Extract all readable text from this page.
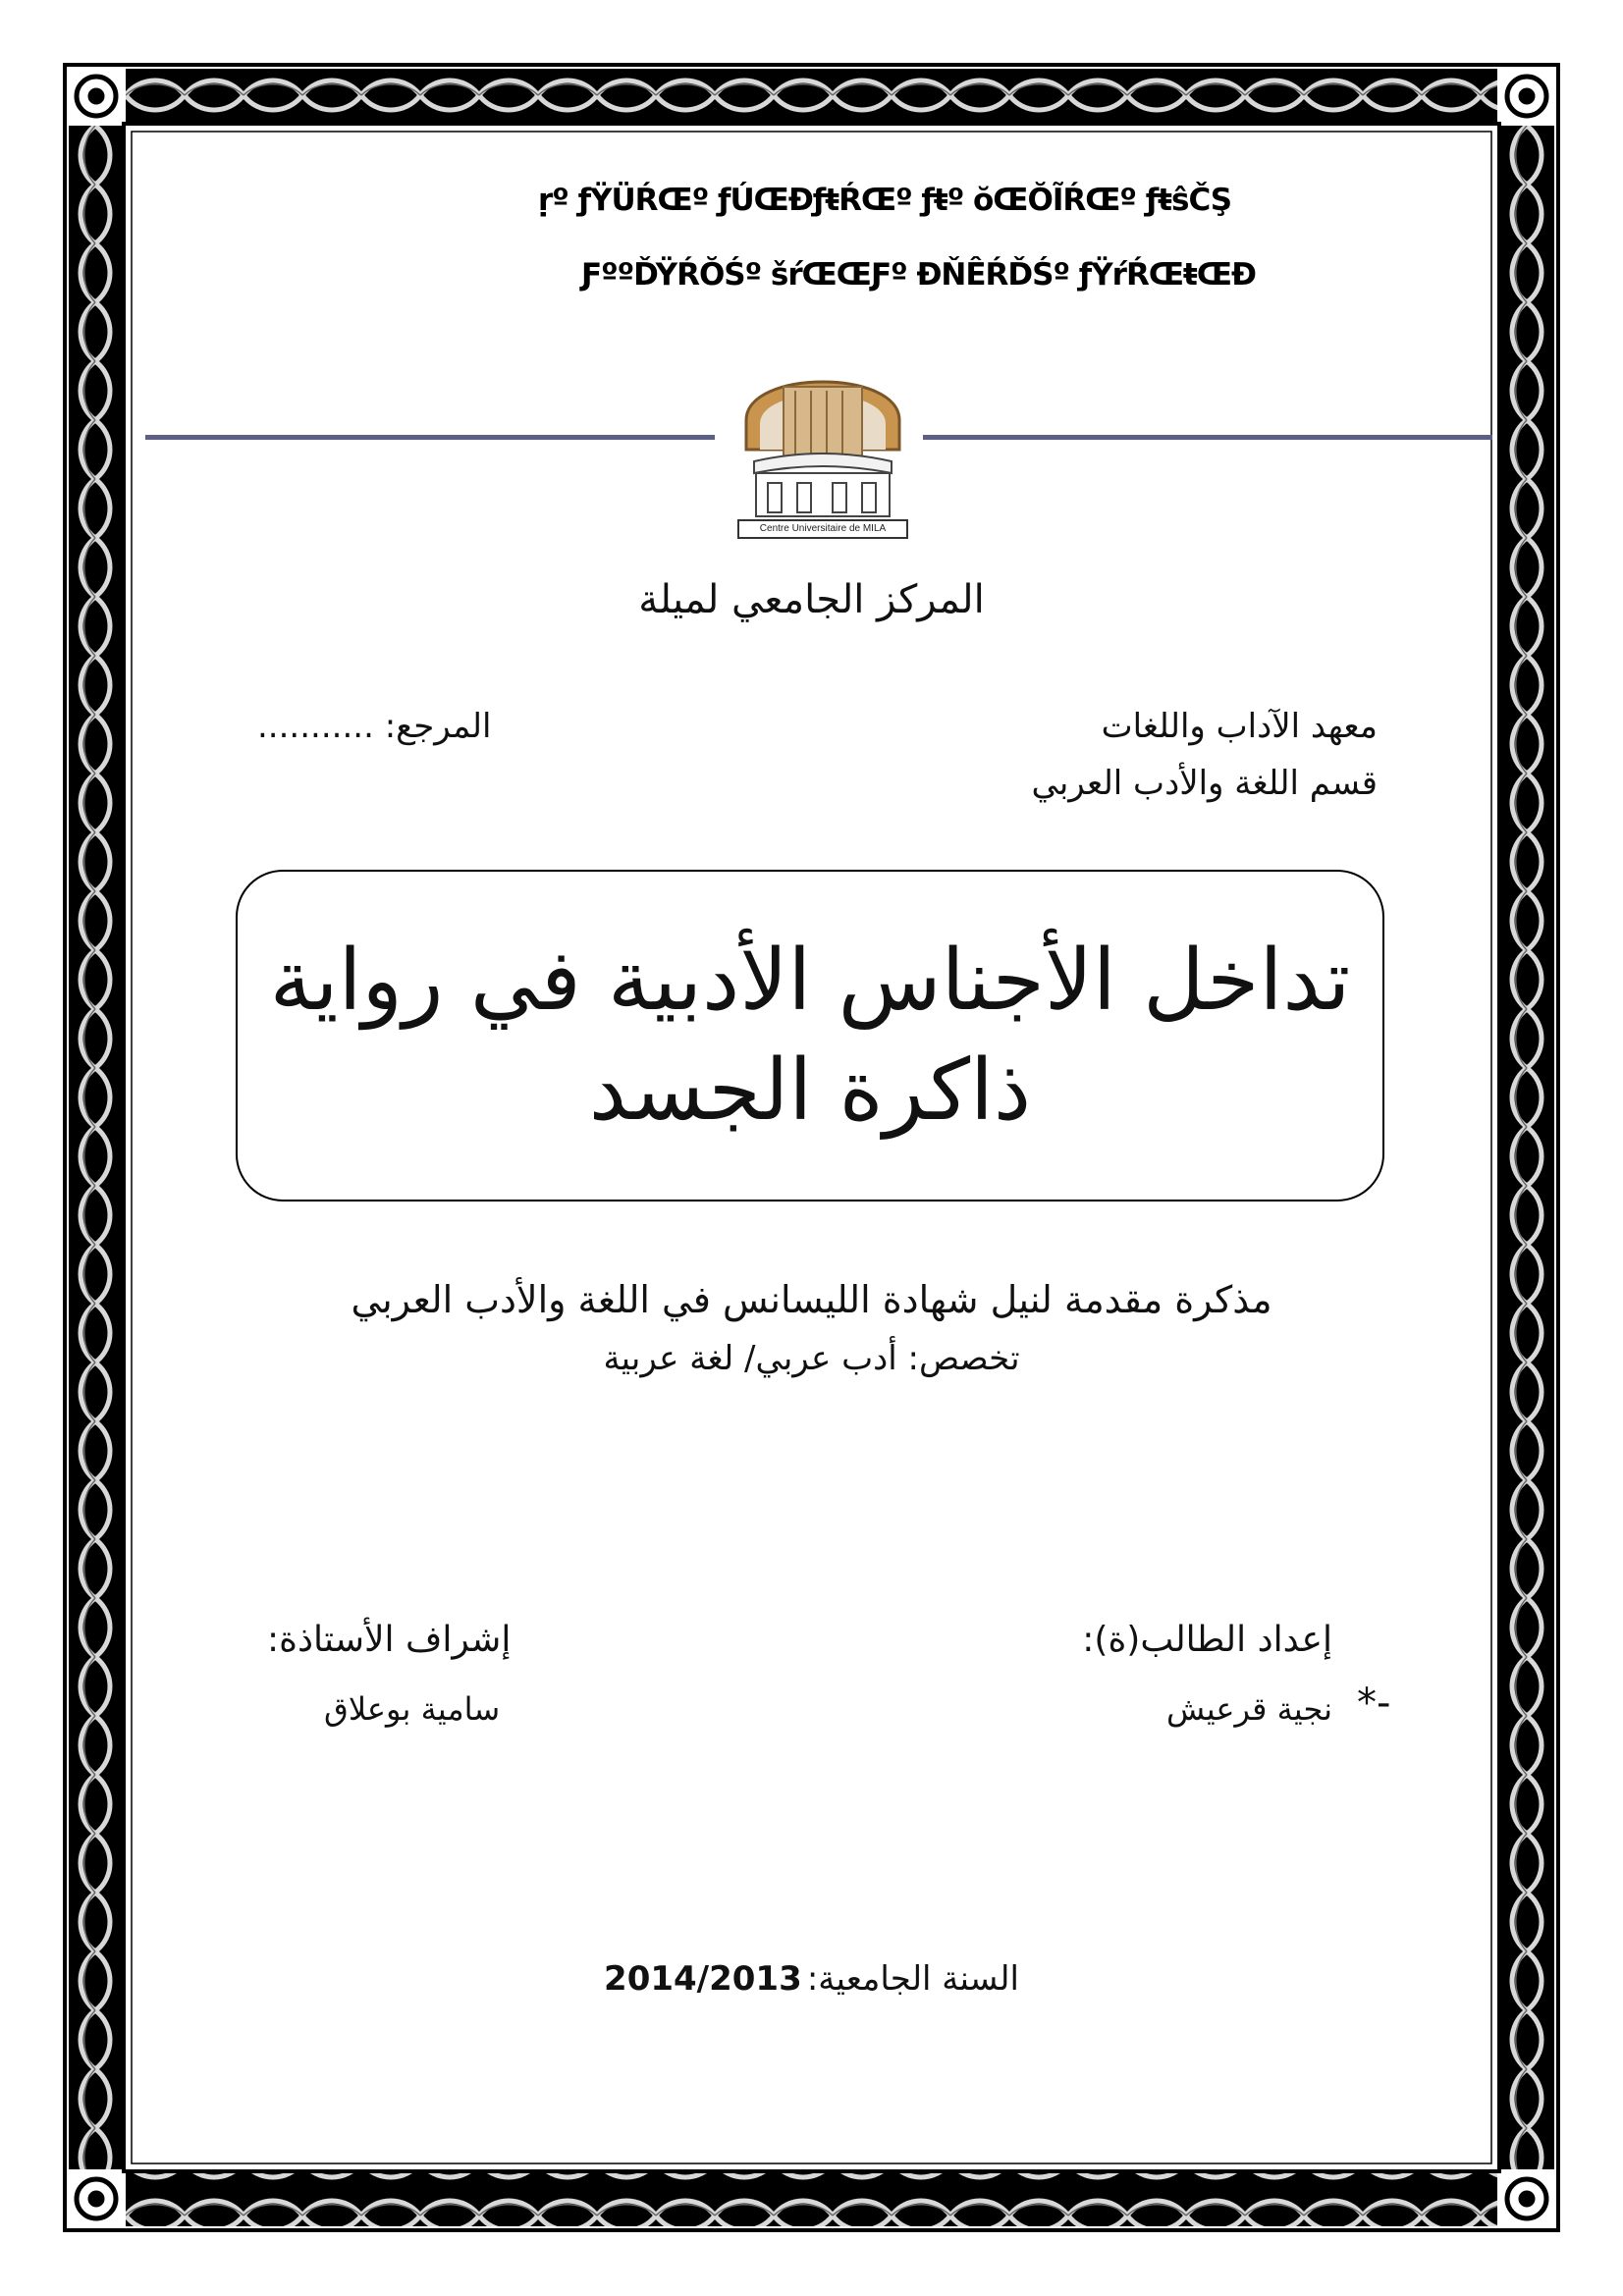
ṛº ƒŸÜŔŒº ƒÚŒĐƒŧŔŒº ƒŧº ŏŒŎĨŔŒº ƒŧŝČŞ
ƑººĎŸŔŎŚº šŕŒŒƑº ĐŇÊŔĎŚº ƒŸŕŔŒŧŒĐ
Centre Universitaire de MILA
المركز الجامعي لميلة
معهد الآداب واللغات
قسم اللغة والأدب العربي
المرجع: ...........
تداخل الأجناس الأدبية في رواية
ذاكرة الجسد
مذكرة مقدمة لنيل شهادة الليسانس في اللغة والأدب العربي
تخصص: أدب عربي/ لغة عربية
إعداد الطالب(ة):
*-
نجية قرعيش
إشراف الأستاذة:
سامية بوعلاق
2014/2013 السنة الجامعية:
